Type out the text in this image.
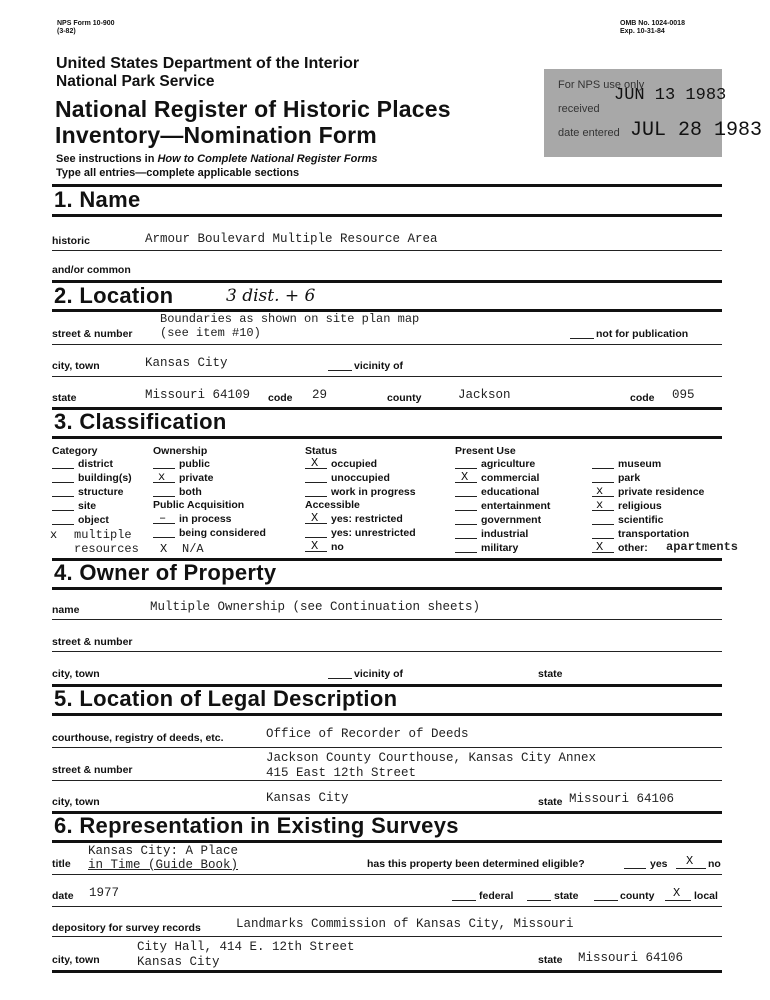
NPS Form 10-900
(3-82)
OMB No. 1024-0018
Exp. 10-31-84
United States Department of the Interior
National Park Service
National Register of Historic Places
Inventory—Nomination Form
See instructions in How to Complete National Register Forms
Type all entries—complete applicable sections
For NPS use only
received
JUN 13 1983
date entered JUL 28 1983
1. Name
historic	Armour Boulevard Multiple Resource Area
and/or common
2. Location	3 dist. + 6
Boundaries as shown on site plan map
street & number (see item #10)	not for publication
city, town	Kansas City	vicinity of
state	Missouri 64109 code 29	county	Jackson	code 095
3. Classification
Category
district
building(s)
structure
site
object
x multiple
resources
Ownership
public
x private
both
Public Acquisition
– in process
being considered
X N/A
Status
X occupied
unoccupied
work in progress
Accessible
X yes: restricted
yes: unrestricted
X no
Present Use
agriculture
X commercial
educational
entertainment
government
industrial
military
museum
park
x private residence
x religious
scientific
transportation
X other: apartments
4. Owner of Property
name	Multiple Ownership (see Continuation sheets)
street & number
city, town	vicinity of	state
5. Location of Legal Description
courthouse, registry of deeds, etc.	Office of Recorder of Deeds
Jackson County Courthouse, Kansas City Annex
street & number	415 East 12th Street
city, town	Kansas City	state Missouri 64106
6. Representation in Existing Surveys
Kansas City: A Place
title in Time (Guide Book)	has this property been determined eligible?	yes X no
date 1977	federal	state	county X local
depository for survey records	Landmarks Commission of Kansas City, Missouri
City Hall, 414 E. 12th Street
city, town	Kansas City	state Missouri 64106
